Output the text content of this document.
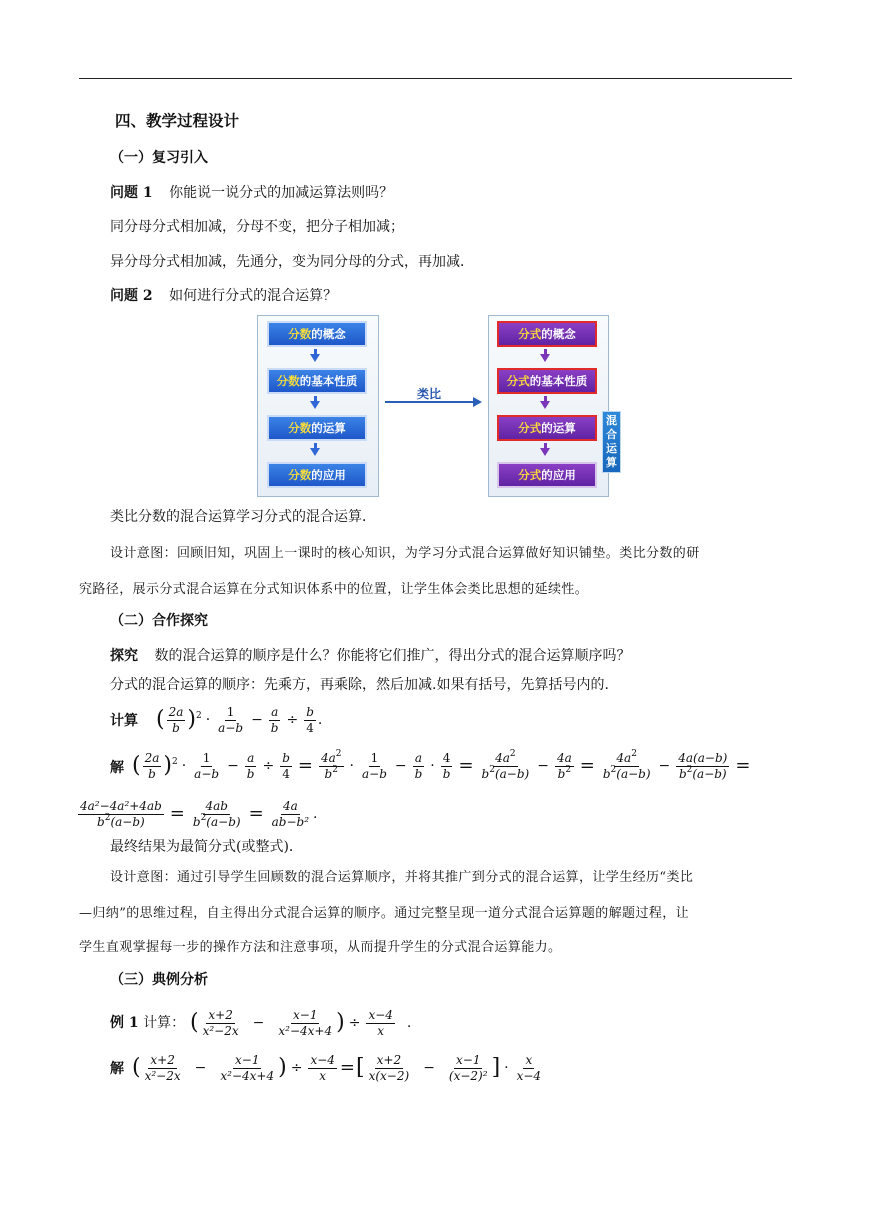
四、教学过程设计
（一）复习引入
问题 1 你能说一说分式的加减运算法则吗？
同分母分式相加减，分母不变，把分子相加减；
异分母分式相加减，先通分，变为同分母的分式，再加减．
问题 2 如何进行分式的混合运算？
分数 的概念
分数 的基本性质
分数 的运算
分数 的应用
类比
分式 的概念
分式 的基本性质
分式 的运算
分式 的应用
混合
运算
类比分数的混合运算学习分式的混合运算．
设计意图：回顾旧知，巩固上一课时的核心知识，为学习分式混合运算做好知识铺垫。类比分数的研
究路径，展示分式混合运算在分式知识体系中的位置，让学生体会类比思想的延续性。
（二）合作探究
探究 数的混合运算的顺序是什么？你能将它们推广，得出分式的混合运算顺序吗？
分式的混合运算的顺序：先乘方，再乘除，然后加减.如果有括号，先算括号内的.
计算 ( 2a
b ) 2 ·
1
$a-b - \frac{a}{b} \div \frac{b}{4}$ .
解 ( 2a
b ) 2 ·
1
$a-b - \frac{a}{b} \div \frac{b}{4} = \frac{4a^2}{b^2}$ ·
1
$a-b - \frac{a}{b} \cdot \frac{4}{b} = \frac{4a^2}{b^2(a-b)} - \frac{4a}{b^2} = \frac{4a^2}{b^2(a-b)} - \frac{4a(a-b)}{b^2(a-b)}$ =
$\frac{\text{4a²−4a²+4ab}}{b^2(a-b)} = \frac{4ab}{b^2(a-b)} = \frac{4a}{\text{ab−b²}}$ .
最终结果为最简分式(或整式)．
设计意图：通过引导学生回顾数的混合运算顺序，并将其推广到分式的混合运算，让学生经历“类比
—归纳”的思维过程，自主得出分式混合运算的顺序。通过完整呈现一道分式混合运算题的解题过程，让
学生直观掌握每一步的操作方法和注意事项，从而提升学生的分式混合运算能力。
（三）典例分析
例 1 计算： ( x+2
$x^2-2x - \frac{x-1}{\text{x²−4x+4}}$ ) ÷ $\frac{x-4}{x}$ .
解 ( x+2
$x^2-2x - \frac{x-1}{\text{x²−4x+4}}$ ) ÷ $\frac{x-4}{x}$ = [ x+2
$x(x-2) - \frac{x-1}{\text{(x−2)²}}$ ] ·
x
x−4
